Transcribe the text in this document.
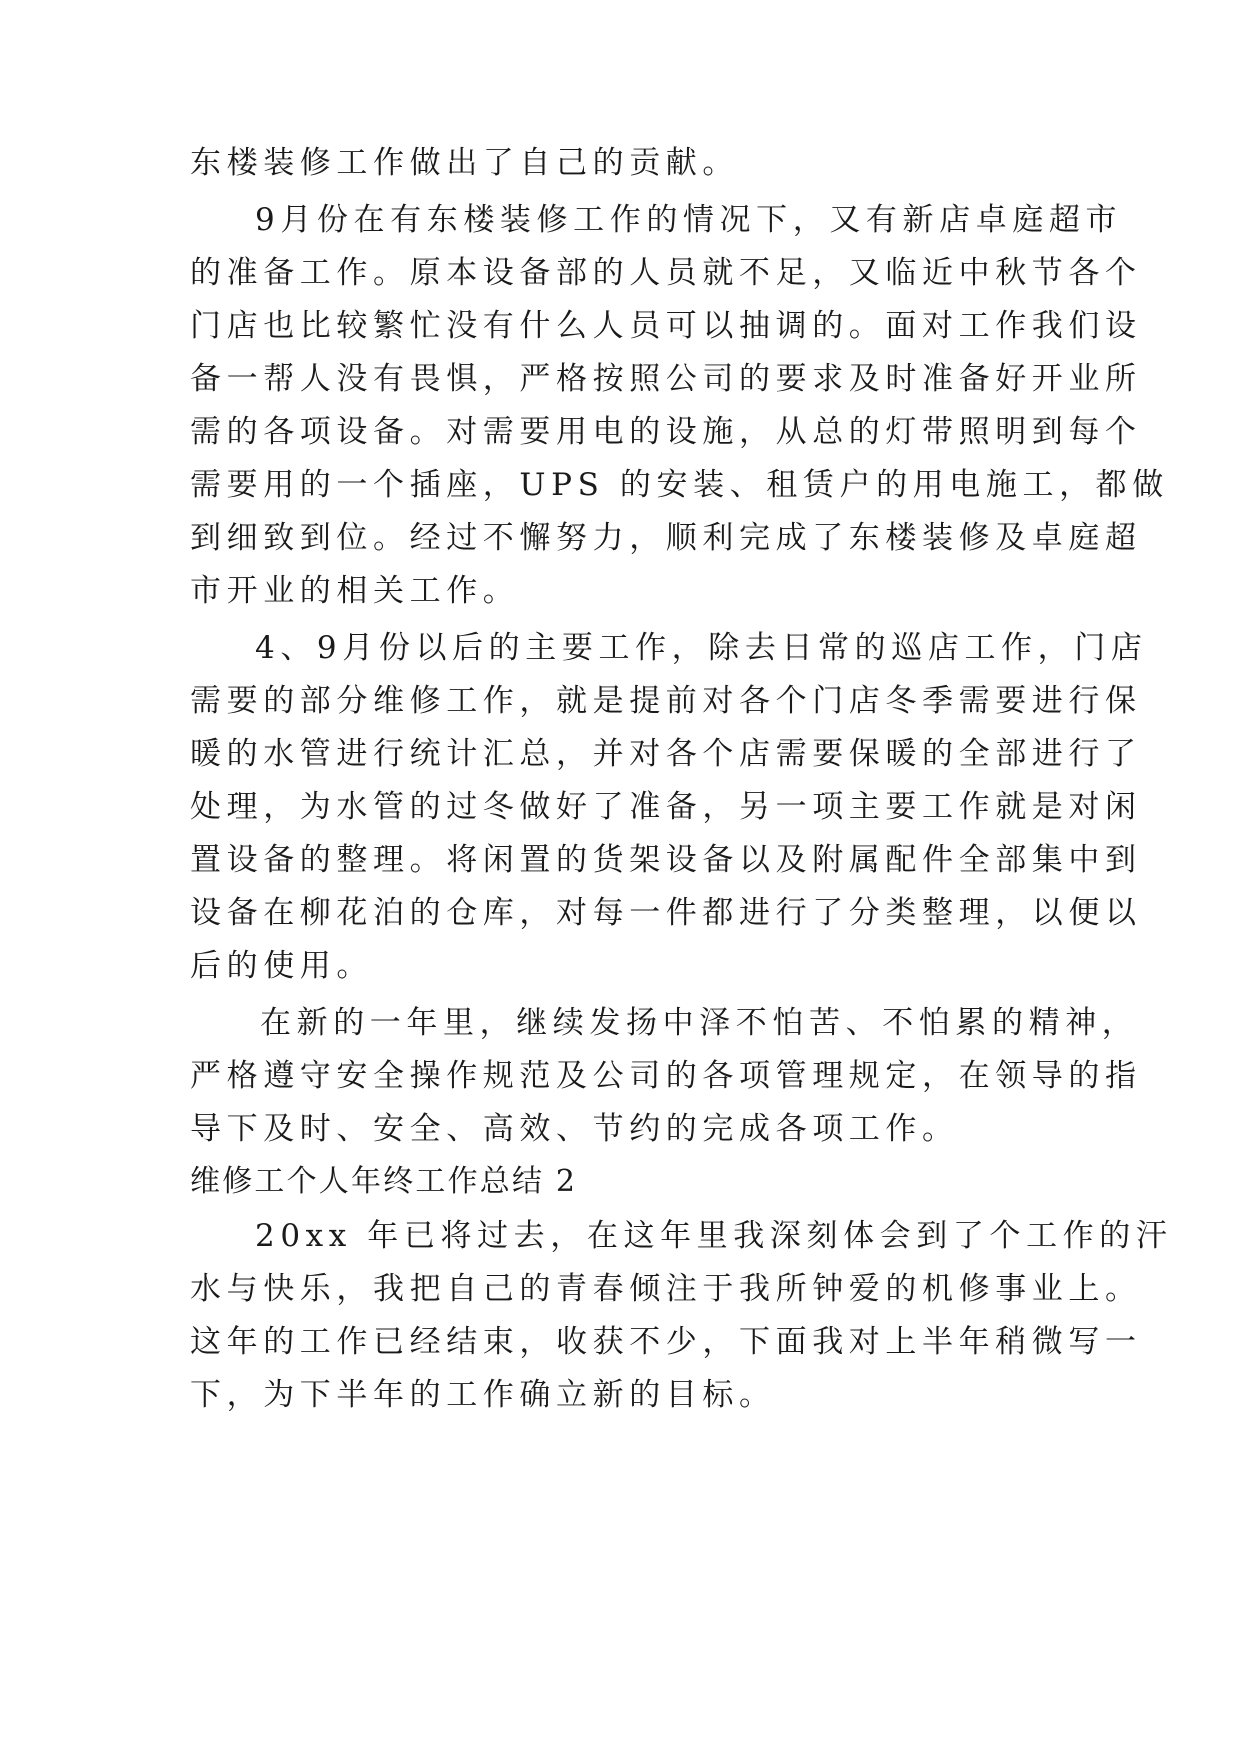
东楼装修工作做出了自己的贡献。

9月份在有东楼装修工作的情况下，又有新店卓庭超市

的准备工作。原本设备部的人员就不足，又临近中秋节各个

门店也比较繁忙没有什么人员可以抽调的。面对工作我们设

备一帮人没有畏惧，严格按照公司的要求及时准备好开业所

需的各项设备。对需要用电的设施，从总的灯带照明到每个

需要用的一个插座，UPS 的安装、租赁户的用电施工，都做

到细致到位。经过不懈努力，顺利完成了东楼装修及卓庭超

市开业的相关工作。

4、9月份以后的主要工作，除去日常的巡店工作，门店

需要的部分维修工作，就是提前对各个门店冬季需要进行保

暖的水管进行统计汇总，并对各个店需要保暖的全部进行了

处理，为水管的过冬做好了准备，另一项主要工作就是对闲

置设备的整理。将闲置的货架设备以及附属配件全部集中到

设备在柳花泊的仓库，对每一件都进行了分类整理，以便以

后的使用。

在新的一年里，继续发扬中泽不怕苦、不怕累的精神，

严格遵守安全操作规范及公司的各项管理规定，在领导的指

导下及时、安全、高效、节约的完成各项工作。

维修工个人年终工作总结 2

20xx 年已将过去，在这年里我深刻体会到了个工作的汗

水与快乐，我把自己的青春倾注于我所钟爱的机修事业上。

这年的工作已经结束，收获不少，下面我对上半年稍微写一

下，为下半年的工作确立新的目标。
